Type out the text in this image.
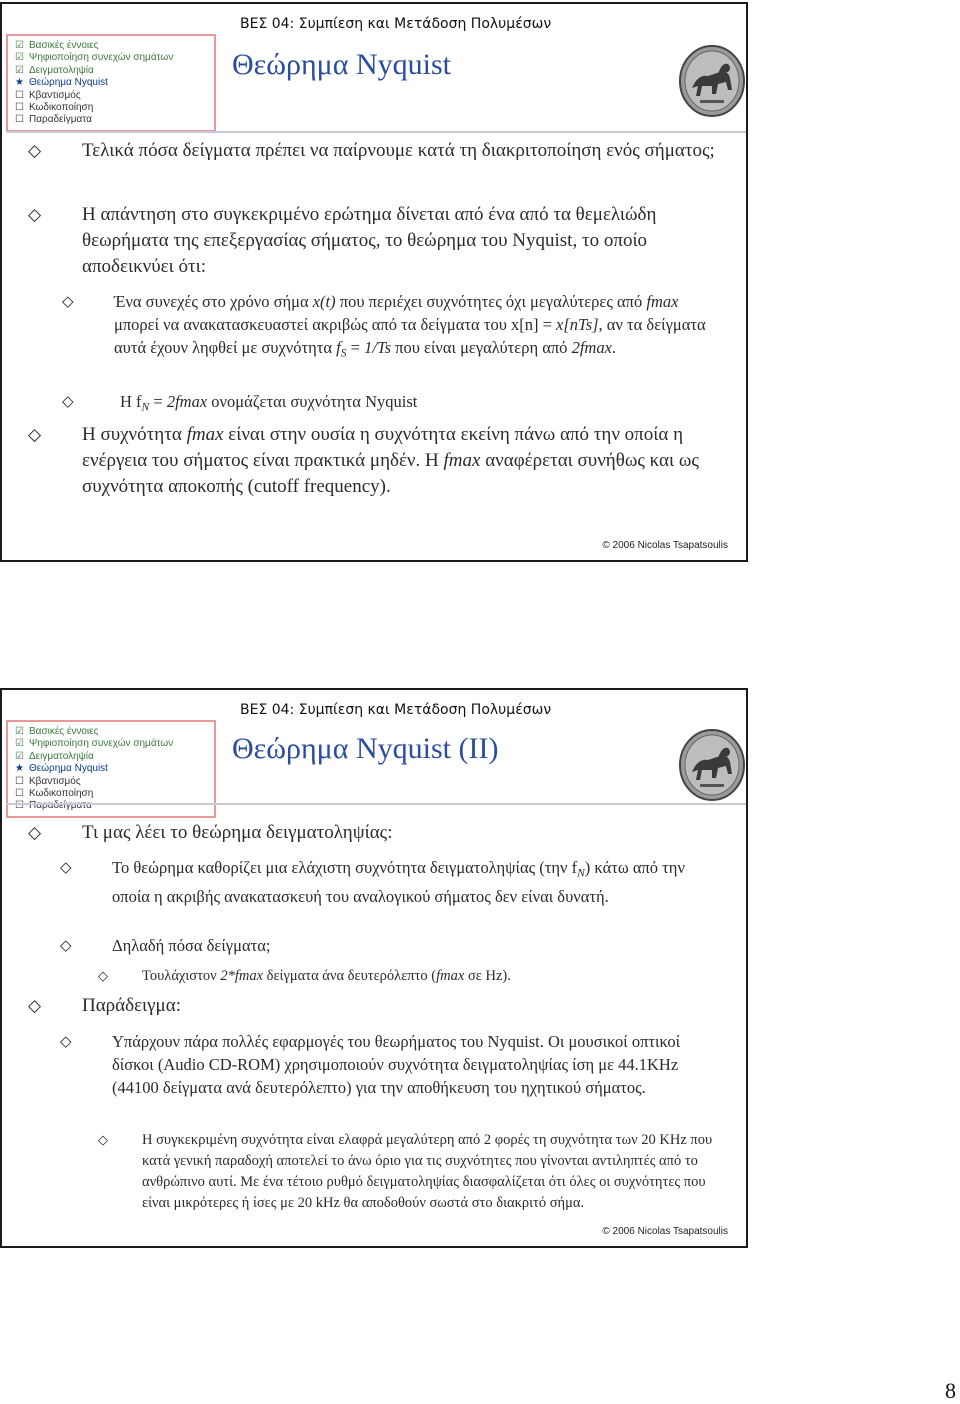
☑ Βασικές έννοιες
☑ Ψηφιοποίηση συνεχών σημάτων
☑ Δειγματοληψία
★ Θεώρημα Nyquist
☐ Κβαντισμός
☐ Κωδικοποίηση
☐ Παραδείγματα
ΒΕΣ 04: Συμπίεση και Μετάδοση Πολυμέσων
Θεώρημα Nyquist
◇ Τελικά πόσα δείγματα πρέπει να παίρνουμε κατά τη διακριτοποίηση ενός σήματος;
◇ Η απάντηση στο συγκεκριμένο ερώτημα δίνεται από ένα από τα θεμελιώδη θεωρήματα της επεξεργασίας σήματος, το θεώρημα του Nyquist, το οποίο αποδεικνύει ότι:
◇ Ένα συνεχές στο χρόνο σήμα x(t) που περιέχει συχνότητες όχι μεγαλύτερες από fmax μπορεί να ανακατασκευαστεί ακριβώς από τα δείγματα του x[n] = x[nTs], αν τα δείγματα αυτά έχουν ληφθεί με συχνότητα $f_S = 1/Ts$ που είναι μεγαλύτερη από 2fmax.
◇	Η $f_N = 2fmax$ ονομάζεται συχνότητα Nyquist
◇ Η συχνότητα fmax είναι στην ουσία η συχνότητα εκείνη πάνω από την οποία η ενέργεια του σήματος είναι πρακτικά μηδέν. Η fmax αναφέρεται συνήθως και ως συχνότητα αποκοπής (cutoff frequency).
© 2006 Nicolas Tsapatsoulis
☑ Βασικές έννοιες
☑ Ψηφιοποίηση συνεχών σημάτων
☑ Δειγματοληψία
★ Θεώρημα Nyquist
☐ Κβαντισμός
☐ Κωδικοποίηση
☐ Παραδείγματα
ΒΕΣ 04: Συμπίεση και Μετάδοση Πολυμέσων
Θεώρημα Nyquist (ΙΙ)
◇ Τι μας λέει το θεώρημα δειγματοληψίας:
◇ Το θεώρημα καθορίζει μια ελάχιστη συχνότητα δειγματοληψίας (την $f_N$) κάτω από την οποία η ακριβής ανακατασκευή του αναλογικού σήματος δεν είναι δυνατή.
◇ Δηλαδή πόσα δείγματα;
◇ Τουλάχιστον 2*fmax δείγματα άνα δευτερόλεπτο (fmax σε Hz).
◇ Παράδειγμα:
◇ Υπάρχουν πάρα πολλές εφαρμογές του θεωρήματος του Nyquist. Οι μουσικοί οπτικοί δίσκοι (Audio CD-ROM) χρησιμοποιούν συχνότητα δειγματοληψίας ίση με 44.1KHz (44100 δείγματα ανά δευτερόλεπτο) για την αποθήκευση του ηχητικού σήματος.
◇ Η συγκεκριμένη συχνότητα είναι ελαφρά μεγαλύτερη από 2 φορές τη συχνότητα των 20 KHz που κατά γενική παραδοχή αποτελεί το άνω όριο για τις συχνότητες που γίνονται αντιληπτές από το ανθρώπινο αυτί. Με ένα τέτοιο ρυθμό δειγματοληψίας διασφαλίζεται ότι όλες οι συχνότητες που είναι μικρότερες ή ίσες με 20 kHz θα αποδοθούν σωστά στο διακριτό σήμα.
© 2006 Nicolas Tsapatsoulis
8
